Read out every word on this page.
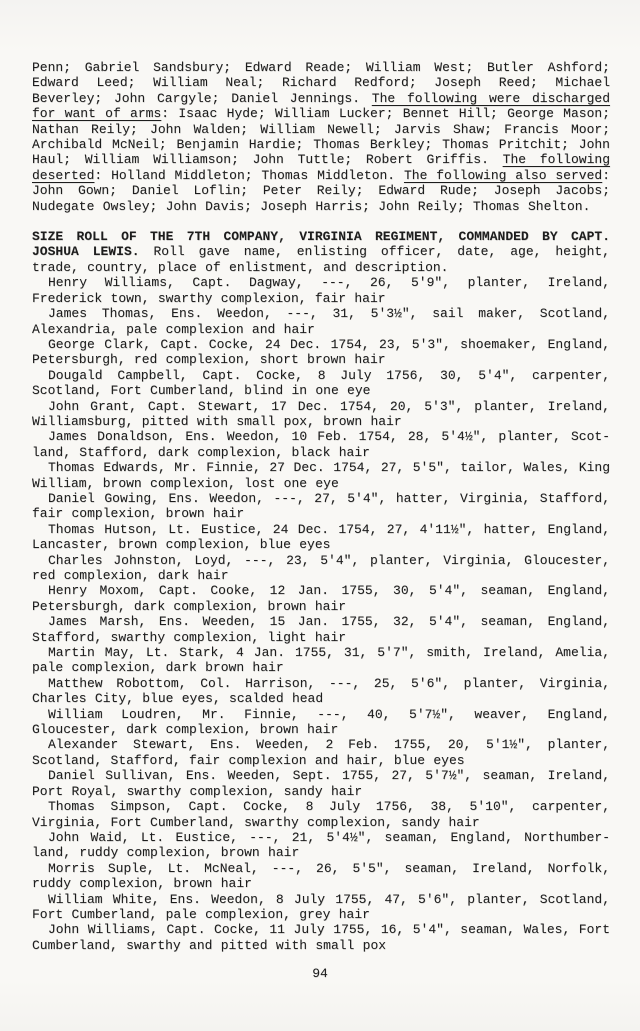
Penn; Gabriel Sandsbury; Edward Reade; William West; Butler Ashford; Edward Leed; William Neal; Richard Redford; Joseph Reed; Michael Beverley; John Cargyle; Daniel Jennings. The following were discharged for want of arms: Isaac Hyde; William Lucker; Bennet Hill; George Mason; Nathan Reily; John Walden; William Newell; Jarvis Shaw; Francis Moor; Archibald McNeil; Benjamin Hardie; Thomas Berkley; Thomas Pritchit; John Haul; William Williamson; John Tuttle; Robert Griffis. The following deserted: Holland Middleton; Thomas Middleton. The following also served: John Gown; Daniel Loflin; Peter Reily; Edward Rude; Joseph Jacobs; Nudegate Owsley; John Davis; Joseph Harris; John Reily; Thomas Shelton.

SIZE ROLL OF THE 7TH COMPANY, VIRGINIA REGIMENT, COMMANDED BY CAPT. JOSHUA LEWIS. Roll gave name, enlisting officer, date, age, height, trade, country, place of enlistment, and description.

Henry Williams, Capt. Dagway, ---, 26, 5'9", planter, Ireland, Frederick town, swarthy complexion, fair hair

James Thomas, Ens. Weedon, ---, 31, 5'3½", sail maker, Scotland, Alexandria, pale complexion and hair

George Clark, Capt. Cocke, 24 Dec. 1754, 23, 5'3", shoemaker, England, Petersburgh, red complexion, short brown hair

Dougald Campbell, Capt. Cocke, 8 July 1756, 30, 5'4", carpenter, Scotland, Fort Cumberland, blind in one eye

John Grant, Capt. Stewart, 17 Dec. 1754, 20, 5'3", planter, Ireland, Williamsburg, pitted with small pox, brown hair

James Donaldson, Ens. Weedon, 10 Feb. 1754, 28, 5'4½", planter, Scotland, Stafford, dark complexion, black hair

Thomas Edwards, Mr. Finnie, 27 Dec. 1754, 27, 5'5", tailor, Wales, King William, brown complexion, lost one eye

Daniel Gowing, Ens. Weedon, ---, 27, 5'4", hatter, Virginia, Stafford, fair complexion, brown hair

Thomas Hutson, Lt. Eustice, 24 Dec. 1754, 27, 4'11½", hatter, England, Lancaster, brown complexion, blue eyes

Charles Johnston, Loyd, ---, 23, 5'4", planter, Virginia, Gloucester, red complexion, dark hair

Henry Moxom, Capt. Cooke, 12 Jan. 1755, 30, 5'4", seaman, England, Petersburgh, dark complexion, brown hair

James Marsh, Ens. Weeden, 15 Jan. 1755, 32, 5'4", seaman, England, Stafford, swarthy complexion, light hair

Martin May, Lt. Stark, 4 Jan. 1755, 31, 5'7", smith, Ireland, Amelia, pale complexion, dark brown hair

Matthew Robottom, Col. Harrison, ---, 25, 5'6", planter, Virginia, Charles City, blue eyes, scalded head

William Loudren, Mr. Finnie, ---, 40, 5'7½", weaver, England, Gloucester, dark complexion, brown hair

Alexander Stewart, Ens. Weeden, 2 Feb. 1755, 20, 5'1½", planter, Scotland, Stafford, fair complexion and hair, blue eyes

Daniel Sullivan, Ens. Weeden, Sept. 1755, 27, 5'7½", seaman, Ireland, Port Royal, swarthy complexion, sandy hair

Thomas Simpson, Capt. Cocke, 8 July 1756, 38, 5'10", carpenter, Virginia, Fort Cumberland, swarthy complexion, sandy hair

John Waid, Lt. Eustice, ---, 21, 5'4½", seaman, England, Northumberland, ruddy complexion, brown hair

Morris Suple, Lt. McNeal, ---, 26, 5'5", seaman, Ireland, Norfolk, ruddy complexion, brown hair

William White, Ens. Weedon, 8 July 1755, 47, 5'6", planter, Scotland, Fort Cumberland, pale complexion, grey hair

John Williams, Capt. Cocke, 11 July 1755, 16, 5'4", seaman, Wales, Fort Cumberland, swarthy and pitted with small pox

94
